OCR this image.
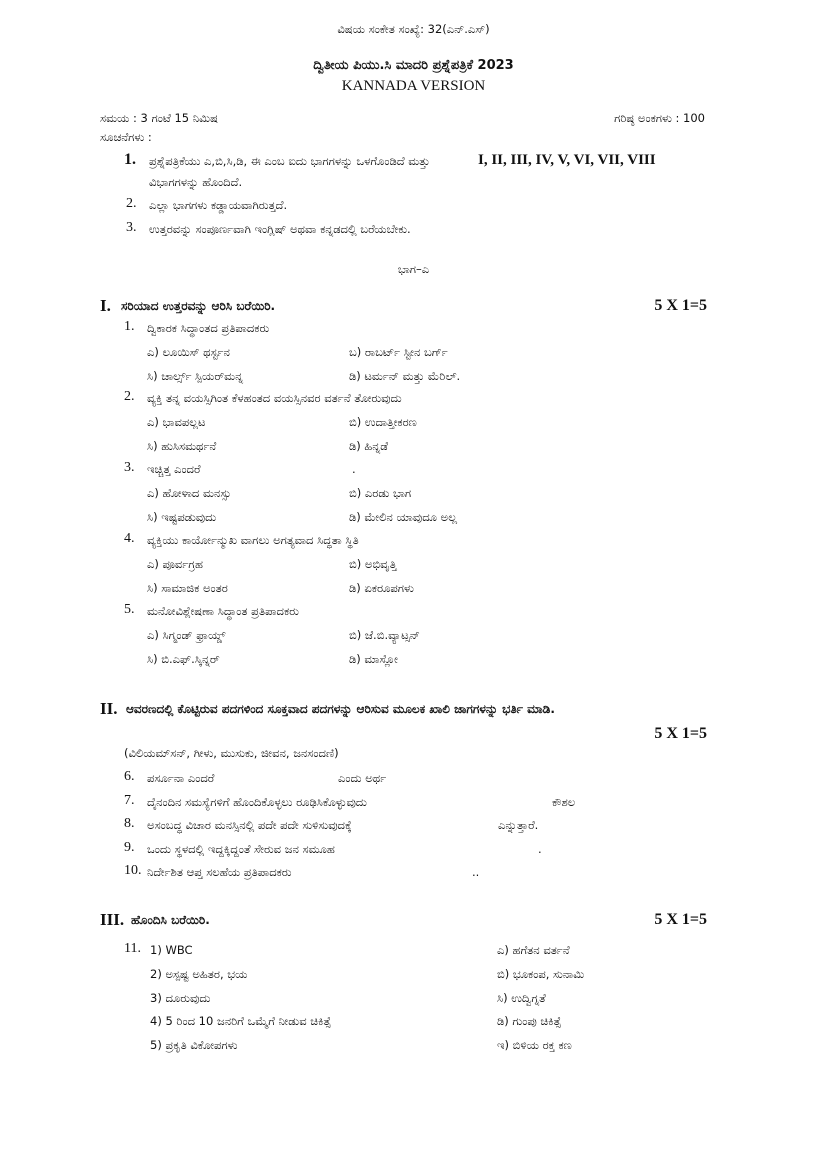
ವಿಷಯ ಸಂಕೇತ ಸಂಖ್ಯೆ: 32(ಎನ್.ಎಸ್)
ದ್ವಿತೀಯ ಪಿಯು.ಸಿ ಮಾದರಿ ಪ್ರಶ್ನೆಪತ್ರಿಕೆ 2023
KANNADA VERSION
ಸಮಯ : 3 ಗಂಟೆ 15 ನಿಮಿಷ	ಗರಿಷ್ಠ ಅಂಕಗಳು : 100
ಸೂಚನೆಗಳು :
1. ಪ್ರಶ್ನೆಪತ್ರಿಕೆಯು ಎ,ಬಿ,ಸಿ,ಡಿ, ಈ ಎಂಬ ಐದು ಭಾಗಗಳನ್ನು ಒಳಗೊಂಡಿದೆ ಮತ್ತು	I, II, III, IV, V, VI, VII, VIII
ವಿಭಾಗಗಳನ್ನು ಹೊಂದಿದೆ.
2. ಎಲ್ಲಾ ಭಾಗಗಳು ಕಡ್ಡಾಯವಾಗಿರುತ್ತದೆ.
3. ಉತ್ತರವನ್ನು ಸಂಪೂರ್ಣವಾಗಿ ಇಂಗ್ಲಿಷ್ ಅಥವಾ ಕನ್ನಡದಲ್ಲಿ ಬರೆಯಬೇಕು.
ಭಾಗ–ಎ
I. ಸರಿಯಾದ ಉತ್ತರವನ್ನು ಆರಿಸಿ ಬರೆಯಿರಿ.	5 X 1=5
1. ದ್ವಿಕಾರಕ ಸಿದ್ಧಾಂತದ ಪ್ರತಿಪಾದಕರು
ಎ) ಲೂಯಿಸ್ ಥರ್ಸ್ಟನ	ಬ) ರಾಬರ್ಟ್ ಸ್ಟೀನ ಬರ್ಗ್
ಸಿ) ಚಾರ್ಲ್ಸ್ ಸ್ಪಿಯರ್‌ಮನ್ನ	ಡಿ) ಟರ್ಮನ್ ಮತ್ತು ಮೆರಿಲ್.
2. ವ್ಯಕ್ತಿ ತನ್ನ ವಯಸ್ಸಿಗಿಂತ ಕೆಳಹಂತದ ವಯಸ್ಸಿನವರ ವರ್ತನೆ ತೋರುವುದು
ಎ) ಭಾವಪಲ್ಲಟ	ಬಿ) ಉದಾತ್ತೀಕರಣ
ಸಿ) ಹುಸಿಸಮರ್ಥನೆ	ಡಿ) ಹಿನ್ನಡೆ
3. ಇಚ್ಚಿತ್ತ ಎಂದರೆ	.
ಎ) ಹೋಳಾದ ಮನಸ್ಸು	ಬಿ) ಎರಡು ಭಾಗ
ಸಿ) ಇಷ್ಟಪಡುವುದು	ಡಿ) ಮೇಲಿನ ಯಾವುದೂ ಅಲ್ಲ
4. ವ್ಯಕ್ತಿಯು ಕಾರ್ಯೋನ್ಮುಖ ವಾಗಲು ಅಗತ್ಯವಾದ ಸಿದ್ಧತಾ ಸ್ಥಿತಿ
ಎ) ಪೂರ್ವಗ್ರಹ	ಬಿ) ಅಭಿವೃತ್ತಿ
ಸಿ) ಸಾಮಾಜಿಕ ಅಂತರ	ಡಿ) ಏಕರೂಪಗಳು
5. ಮನೋವಿಶ್ಲೇಷಣಾ ಸಿದ್ಧಾಂತ ಪ್ರತಿಪಾದಕರು
ಎ) ಸಿಗ್ಮಂಡ್ ಫ್ರಾಯ್ಡ್	ಬಿ) ಜೆ.ಬಿ.ವ್ಯಾಟ್ಸನ್
ಸಿ) ಬಿ.ಎಫ್.ಸ್ಕಿನ್ನರ್	ಡಿ) ಮಾಸ್ಲೋ
II. ಆವರಣದಲ್ಲಿ ಕೊಟ್ಟಿರುವ ಪದಗಳಿಂದ ಸೂಕ್ತವಾದ ಪದಗಳನ್ನು ಆರಿಸುವ ಮೂಲಕ ಖಾಲಿ ಜಾಗಗಳನ್ನು ಭರ್ತಿ ಮಾಡಿ.
5 X 1=5
(ವಿಲಿಯಮ್‌ಸನ್, ಗೀಳು, ಮುಸುಕು, ಜೀವನ, ಜನಸಂದಣಿ)
6. ಪರ್ಸೂನಾ ಎಂದರೆ	ಎಂದು ಅರ್ಥ
7. ದೈನಂದಿನ ಸಮಸ್ಯೆಗಳಿಗೆ ಹೊಂದಿಕೊಳ್ಳಲು ರೂಢಿಸಿಕೊಳ್ಳುವುದು	ಕೌಶಲ
8. ಅಸಂಬದ್ಧ ವಿಚಾರ ಮನಸ್ಸಿನಲ್ಲಿ ಪದೇ ಪದೇ ಸುಳಿಸುವುದಕ್ಕೆ	ಎನ್ನುತ್ತಾರೆ.
9. ಒಂದು ಸ್ಥಳದಲ್ಲಿ ಇದ್ದಕ್ಕಿದ್ದಂತೆ ಸೇರುವ ಜನ ಸಮೂಹ	.
10. ನಿರ್ದೇಶಿತ ಆಪ್ತ ಸಲಹೆಯ ಪ್ರತಿಪಾದಕರು	..
III. ಹೊಂದಿಸಿ ಬರೆಯಿರಿ.	5 X 1=5
11. 1) WBC	ಎ) ಹಗೆತನ ವರ್ತನೆ
2) ಅಸ್ಪಷ್ಟ ಅಹಿತರ, ಭಯ	ಬಿ) ಭೂಕಂಪ, ಸುನಾಮಿ
3) ದೂರುವುದು	ಸಿ) ಉದ್ವಿಗ್ನತೆ
4) 5 ರಿಂದ 10 ಜನರಿಗೆ ಒಮ್ಮೆಗೆ ನೀಡುವ ಚಿಕಿತ್ಸೆ	ಡಿ) ಗುಂಪು ಚಿಕಿತ್ಸೆ
5) ಪ್ರಕೃತಿ ವಿಕೋಪಗಳು	ಇ) ಬಿಳಿಯ ರಕ್ತ ಕಣ
